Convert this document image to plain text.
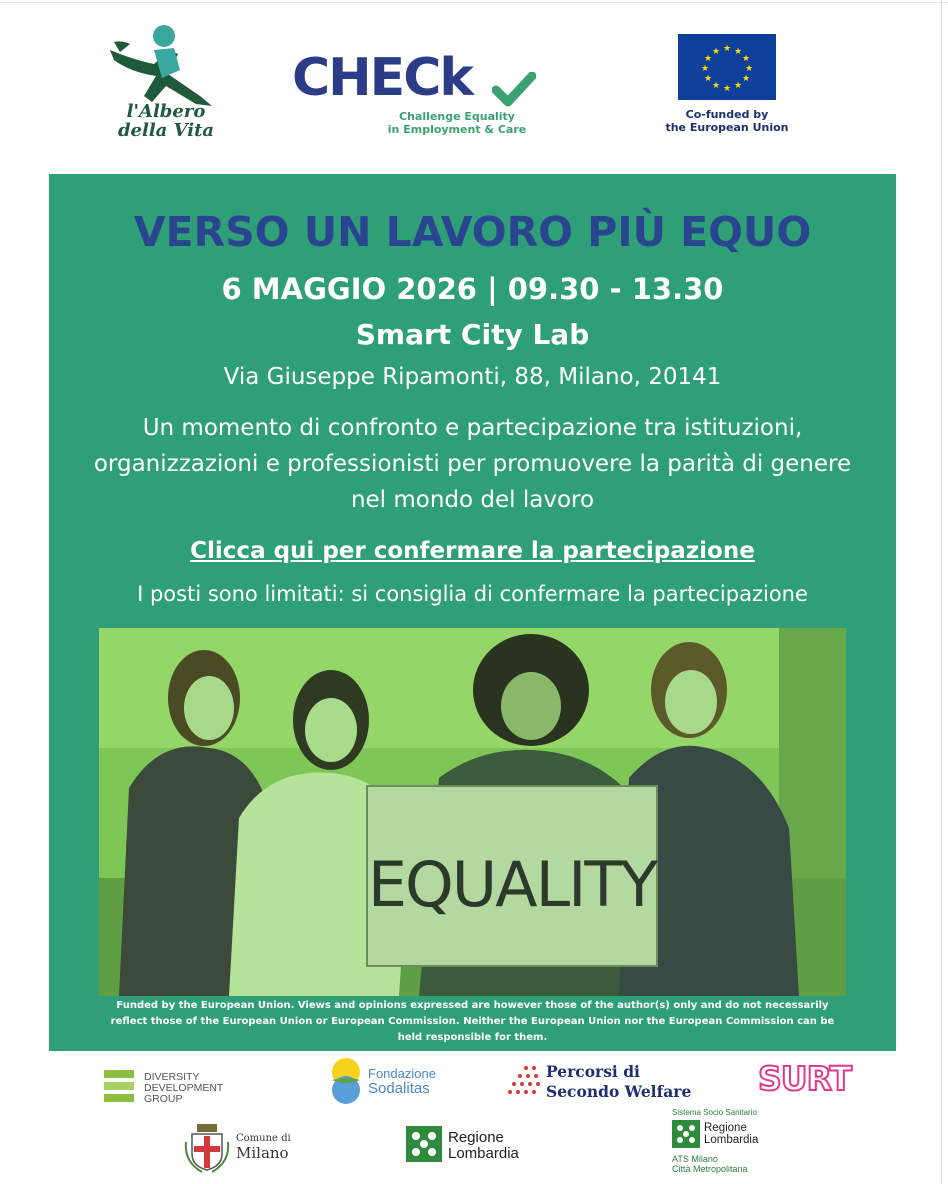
l'Albero
della Vita
CHECk
Challenge Equality
in Employment & Care
★ ★
★
★
★
★
★
★
★
★
★
★
Co-funded by
the European Union
VERSO UN LAVORO PIÙ EQUO
6 MAGGIO 2026 | 09.30 - 13.30
Smart City Lab
Via Giuseppe Ripamonti, 88, Milano, 20141
Un momento di confronto e partecipazione tra istituzioni, organizzazioni e professionisti per promuovere la parità di genere nel mondo del lavoro
Clicca qui per confermare la partecipazione
I posti sono limitati: si consiglia di confermare la partecipazione
EQUALITY
Funded by the European Union. Views and opinions expressed are however those of the author(s) only and do not necessarily reflect those of the European Union or European Commission. Neither the European Union nor the European Commission can be held responsible for them.
DIVERSITY
DEVELOPMENT
GROUP
Fondazione
Sodalitas
Percorsi di
Secondo Welfare SURT
Comune di
Milano
Regione
Lombardia
Sistema Socio Sanitario
Regione
Lombardia
ATS Milano
Città Metropolitana
